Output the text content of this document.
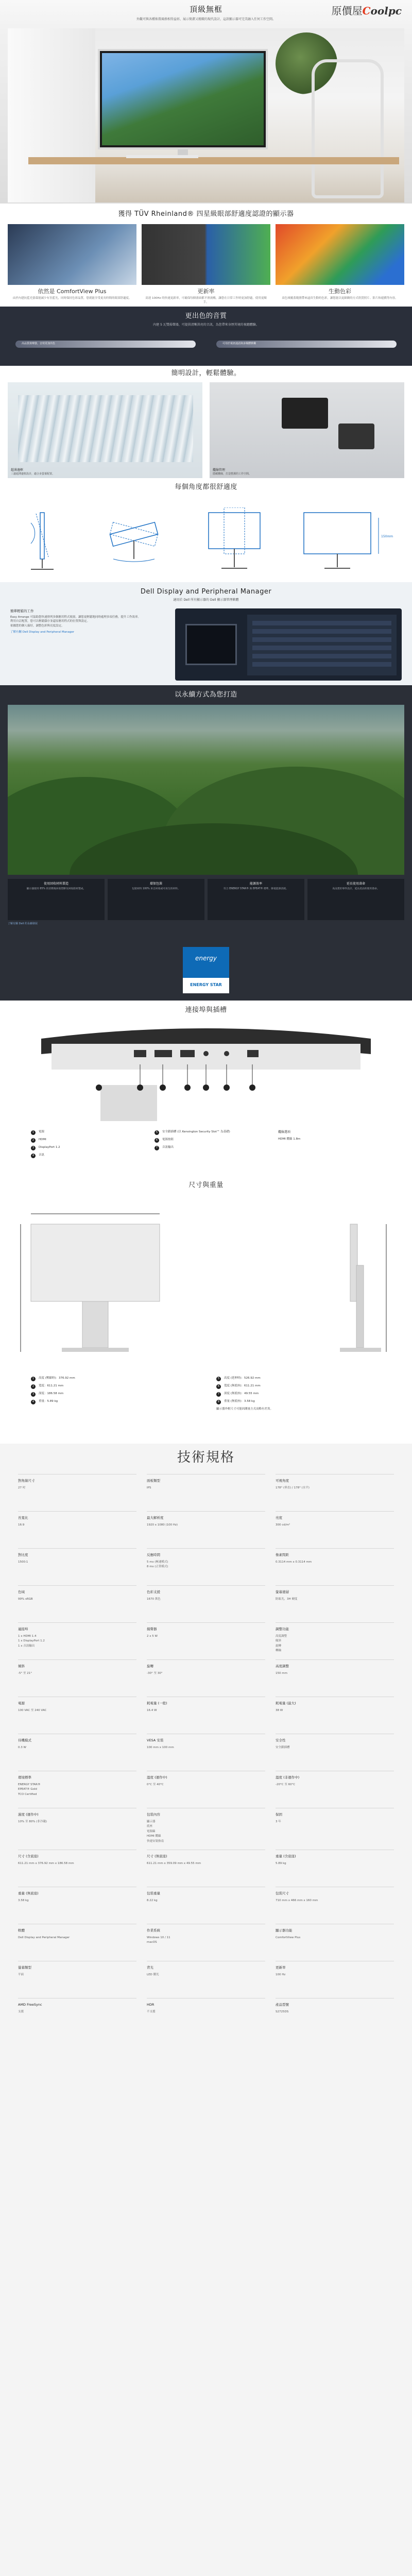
頂級無框
外觀可與各種佈置風格相得益彰，展示簡潔又精緻的現代設計，這款顯示器可完美融入任何工作空間。
原價屋Coolpc
獲得 TÜV Rheinland® 四星級眼部舒適度認證的顯示器
依然是 ComfortView Plus
由於內建抗藍光螢幕能減少有害藍光，同時保持色彩品質，您就能享受更長時間的眼部舒適度。
更新率
高達 100Hz 的快速更新率，可確保每個畫面都平滑流暢，讓您在日常工作時更加舒適，使用更順手。
生動色彩
高色域覆蓋範圍帶來逼真生動的色彩，讓您能以更細緻的方式欣賞照片、影片和遊戲等內容。
更出色的音質
內建 5 瓦雙揚聲器，可提供清晰洪亮的音訊，為您帶來身歷其境的視聽體驗。
高品質揚聲器，音效更加出色	可用於視訊通話與多媒體娛樂
簡明設計，輕鬆體驗。
超薄邊框
三邊超薄邊框設計，適合多螢幕配置。
纜線管理
隱藏纜線，打造整潔的工作空間。
每個角度都很舒適度
150mm
Dell Display and Peripheral Manager
適用於 Dell 所有顯示器的 Dell 顯示器管理軟體
簡單輕鬆的工作

Easy Arrange 可協助您快速排列多個應用程式視窗，讓您更輕鬆地同時處理多項任務，提升工作效率。

利用自訂配置，您可以輕鬆儲存並還原應用程式的位置與設定。

依據您的個人偏好，調整色彩與亮度設定。

了解有關 Dell Display and Peripheral Manager
以永續方式為您打造
使用回收材料製造
顯示器使用 85% 的消費後回收塑膠及回收鋁材製成。
環保包裝
包裝材料 100% 來自回收或可再生的材料。
能源效率
符合 ENERGY STAR® 與 EPEAT® 標準，降低能源消耗。
延長使用壽命
高品質的零件設計，延長產品的使用壽命。
了解有關 Dell 的永續發展
energy
ENERGY STAR
連接埠與插槽
1	電源
2	HDMI
3	DisplayPort 1.2
4	音訊
5	安全鎖插槽 (以 Kensington Security Slot™ 為基礎)
6	電源按鈕
7	音訊輸出
纜線選項
HDMI 纜線 1.8m
尺寸與重量
1	高度 (壓縮時)：376.92 mm
2	寬度：611.21 mm
3	深度：186.58 mm
4	重量：5.89 kg
5	高度 (延伸時)：526.92 mm
6	寬度 (無底座)：611.21 mm
7	深度 (無底座)：49.55 mm
8	重量 (無底座)：3.58 kg
顯示器外框尺寸可能因測量方式而略有差異。
技術規格
對角線尺寸
27 吋
面板類型
IPS
可視角度
178° (垂直) / 178° (水平)
長寬比
16:9
最大解析度
1920 x 1080 (100 Hz)
亮度
300 cd/m²
對比度
1500:1
反應時間
5 ms (極速模式)
8 ms (正常模式)
像素間距
0.3114 mm x 0.3114 mm
色域
99% sRGB
色彩支援
1670 萬色
螢幕塗層
防眩光，3H 硬度
連接埠
1 x HDMI 1.4
1 x DisplayPort 1.2
1 x 音訊輸出
揚聲器
2 x 5 W
調整功能
高度調整
傾斜
旋轉
轉軸
傾斜
-5° 至 21°
旋轉
-30° 至 30°
高度調整
150 mm
電源
100 VAC 至 240 VAC
耗電量 (一般)
16.4 W
耗電量 (最大)
38 W
待機模式
0.3 W
VESA 安裝
100 mm x 100 mm
安全性
安全鎖插槽
環境標準
ENERGY STAR®
EPEAT® Gold
TCO Certified
溫度 (運作中)
0°C 至 40°C
溫度 (非運作中)
-20°C 至 60°C
濕度 (運作中)
10% 至 80% (非冷凝)
包裝內容
顯示器
底座
電源線
HDMI 纜線
快速安裝指南
保固
3 年
尺寸 (含底座)
611.21 mm x 376.92 mm x 186.58 mm
尺寸 (無底座)
611.21 mm x 359.09 mm x 49.55 mm
重量 (含底座)
5.89 kg
重量 (無底座)
3.58 kg
包裝重量
8.22 kg
包裝尺寸
710 mm x 466 mm x 160 mm
軟體
Dell Display and Peripheral Manager
作業系統
Windows 10 / 11
macOS
顯示器功能
ComfortView Plus
螢幕類型
平面
背光
LED 側光
更新率
100 Hz
AMD FreeSync
支援
HDR
不支援
產品型號
S2725DS
